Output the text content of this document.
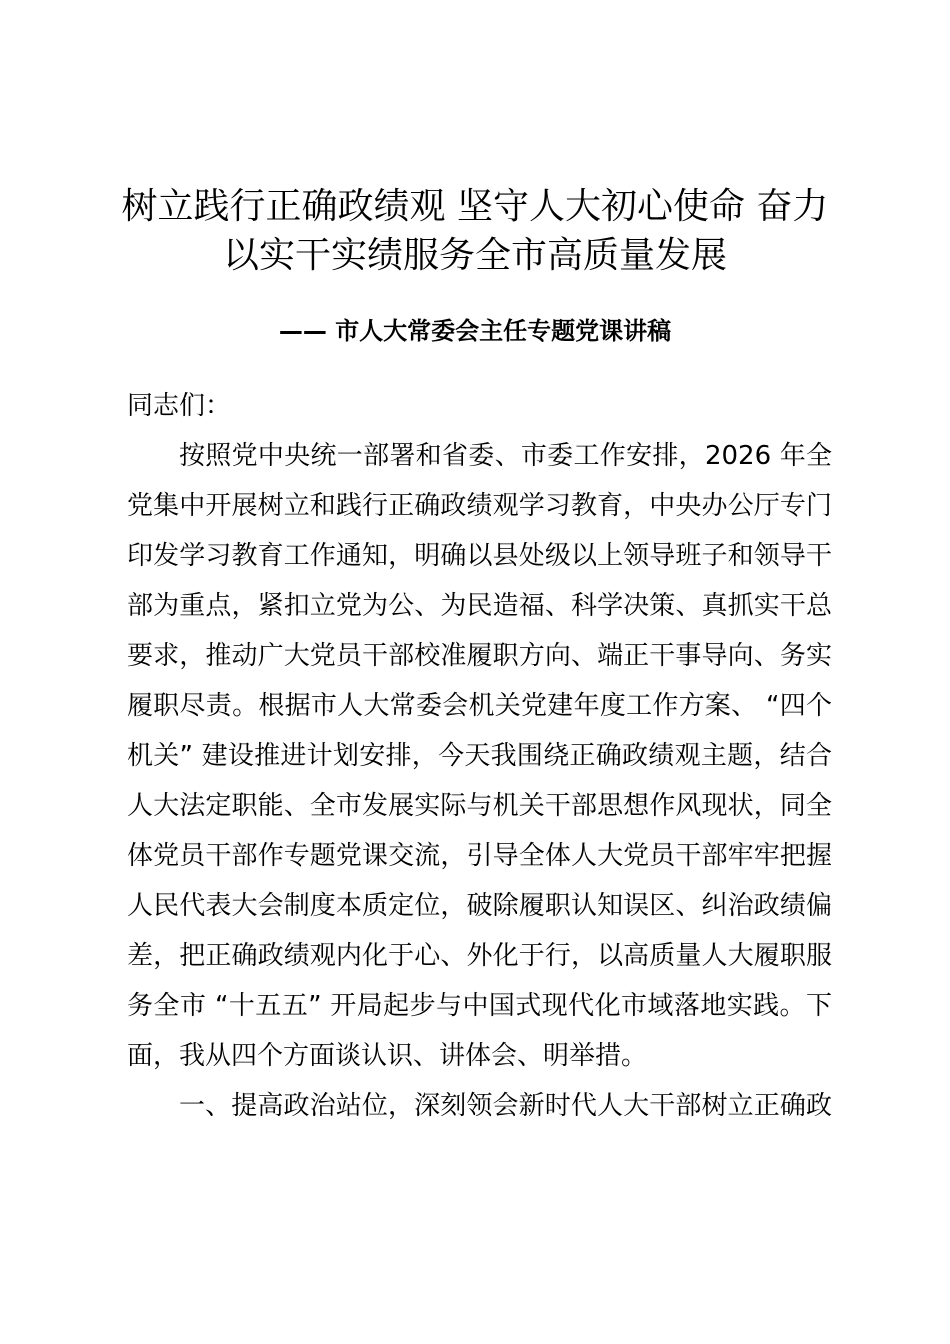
树立践行正确政绩观 坚守人大初心使命 奋力
以实干实绩服务全市高质量发展
—— 市人大常委会主任专题党课讲稿
同志们：
按照党中央统一部署和省委、市委工作安排，2026 年全
党集中开展树立和践行正确政绩观学习教育，中央办公厅专门
印发学习教育工作通知，明确以县处级以上领导班子和领导干
部为重点，紧扣立党为公、为民造福、科学决策、真抓实干总
要求，推动广大党员干部校准履职方向、端正干事导向、务实
履职尽责。根据市人大常委会机关党建年度工作方案、 “四个
机关” 建设推进计划安排，今天我围绕正确政绩观主题，结合
人大法定职能、全市发展实际与机关干部思想作风现状，同全
体党员干部作专题党课交流，引导全体人大党员干部牢牢把握
人民代表大会制度本质定位，破除履职认知误区、纠治政绩偏
差，把正确政绩观内化于心、外化于行，以高质量人大履职服
务全市 “十五五” 开局起步与中国式现代化市域落地实践。下
面，我从四个方面谈认识、讲体会、明举措。
一、提高政治站位，深刻领会新时代人大干部树立正确政
